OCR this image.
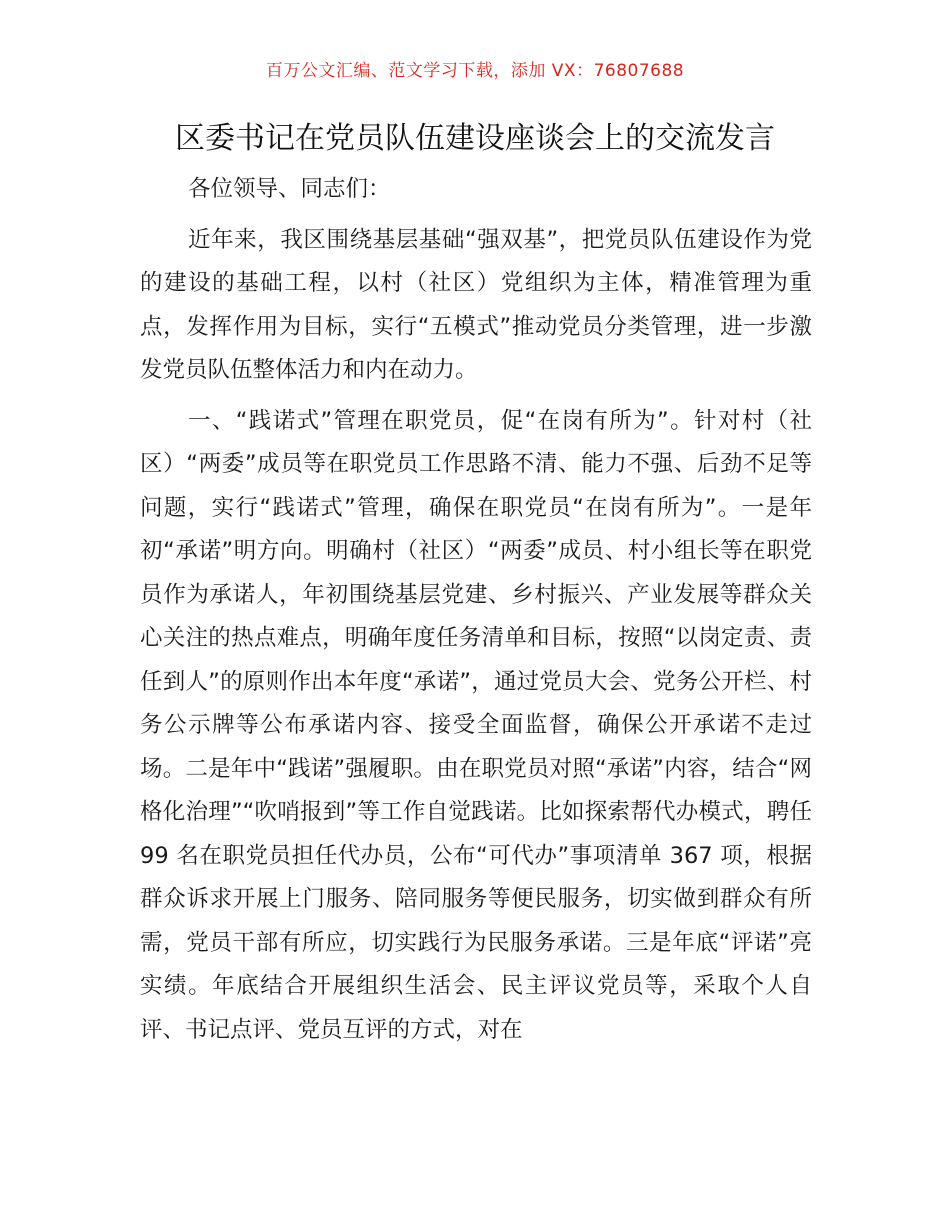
百万公文汇编、范文学习下载，添加 VX：76807688
区委书记在党员队伍建设座谈会上的交流发言

各位领导、同志们：

近年来，我区围绕基层基础“强双基”，把党员队伍建设作为党的建设的基础工程，以村（社区）党组织为主体，精准管理为重点，发挥作用为目标，实行“五模式”推动党员分类管理，进一步激发党员队伍整体活力和内在动力。

一、“践诺式”管理在职党员，促“在岗有所为”。针对村（社区）“两委”成员等在职党员工作思路不清、能力不强、后劲不足等问题，实行“践诺式”管理，确保在职党员“在岗有所为”。一是年初“承诺”明方向。明确村（社区）“两委”成员、村小组长等在职党员作为承诺人，年初围绕基层党建、乡村振兴、产业发展等群众关心关注的热点难点，明确年度任务清单和目标，按照“以岗定责、责任到人”的原则作出本年度“承诺”，通过党员大会、党务公开栏、村务公示牌等公布承诺内容、接受全面监督，确保公开承诺不走过场。二是年中“践诺”强履职。由在职党员对照“承诺”内容，结合“网格化治理”“吹哨报到”等工作自觉践诺。比如探索帮代办模式，聘任 99 名在职党员担任代办员，公布“可代办”事项清单 367 项，根据群众诉求开展上门服务、陪同服务等便民服务，切实做到群众有所需，党员干部有所应，切实践行为民服务承诺。三是年底“评诺”亮实绩。年底结合开展组织生活会、民主评议党员等，采取个人自评、书记点评、党员互评的方式，对在
